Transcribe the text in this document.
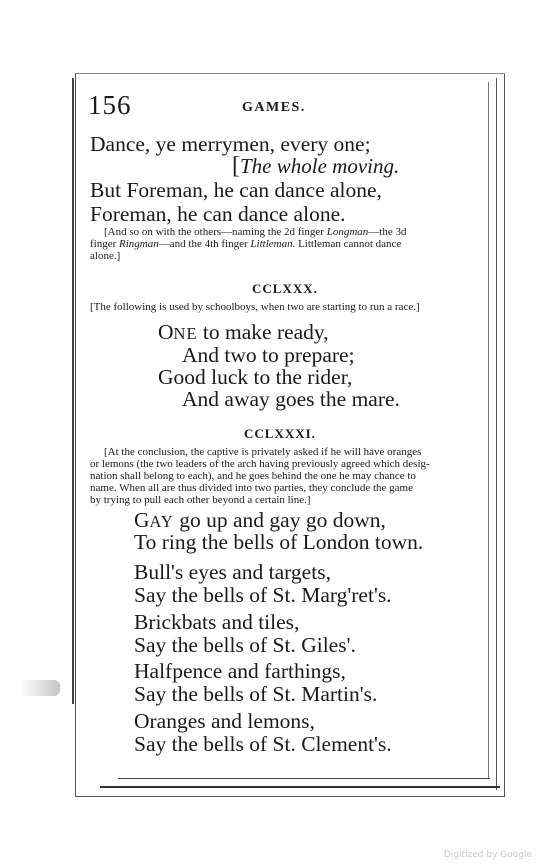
156	GAMES.
Dance, ye merrymen, every one;
[The whole moving.
But Foreman, he can dance alone,
Foreman, he can dance alone.
[And so on with the others—naming the 2d finger Longman—the 3d
finger Ringman—and the 4th finger Littleman. Littleman cannot dance
alone.]
CCLXXX.
[The following is used by schoolboys, when two are starting to run a race.]
ONE to make ready,
And two to prepare;
Good luck to the rider,
And away goes the mare.
CCLXXXI.
[At the conclusion, the captive is privately asked if he will have oranges
or lemons (the two leaders of the arch having previously agreed which desig-
nation shall belong to each), and he goes behind the one he may chance to
name. When all are thus divided into two parties, they conclude the game
by trying to pull each other beyond a certain line.]
GAY go up and gay go down,
To ring the bells of London town.
Bull's eyes and targets,
Say the bells of St. Marg'ret's.
Brickbats and tiles,
Say the bells of St. Giles'.
Halfpence and farthings,
Say the bells of St. Martin's.
Oranges and lemons,
Say the bells of St. Clement's.
Digitized by Google
